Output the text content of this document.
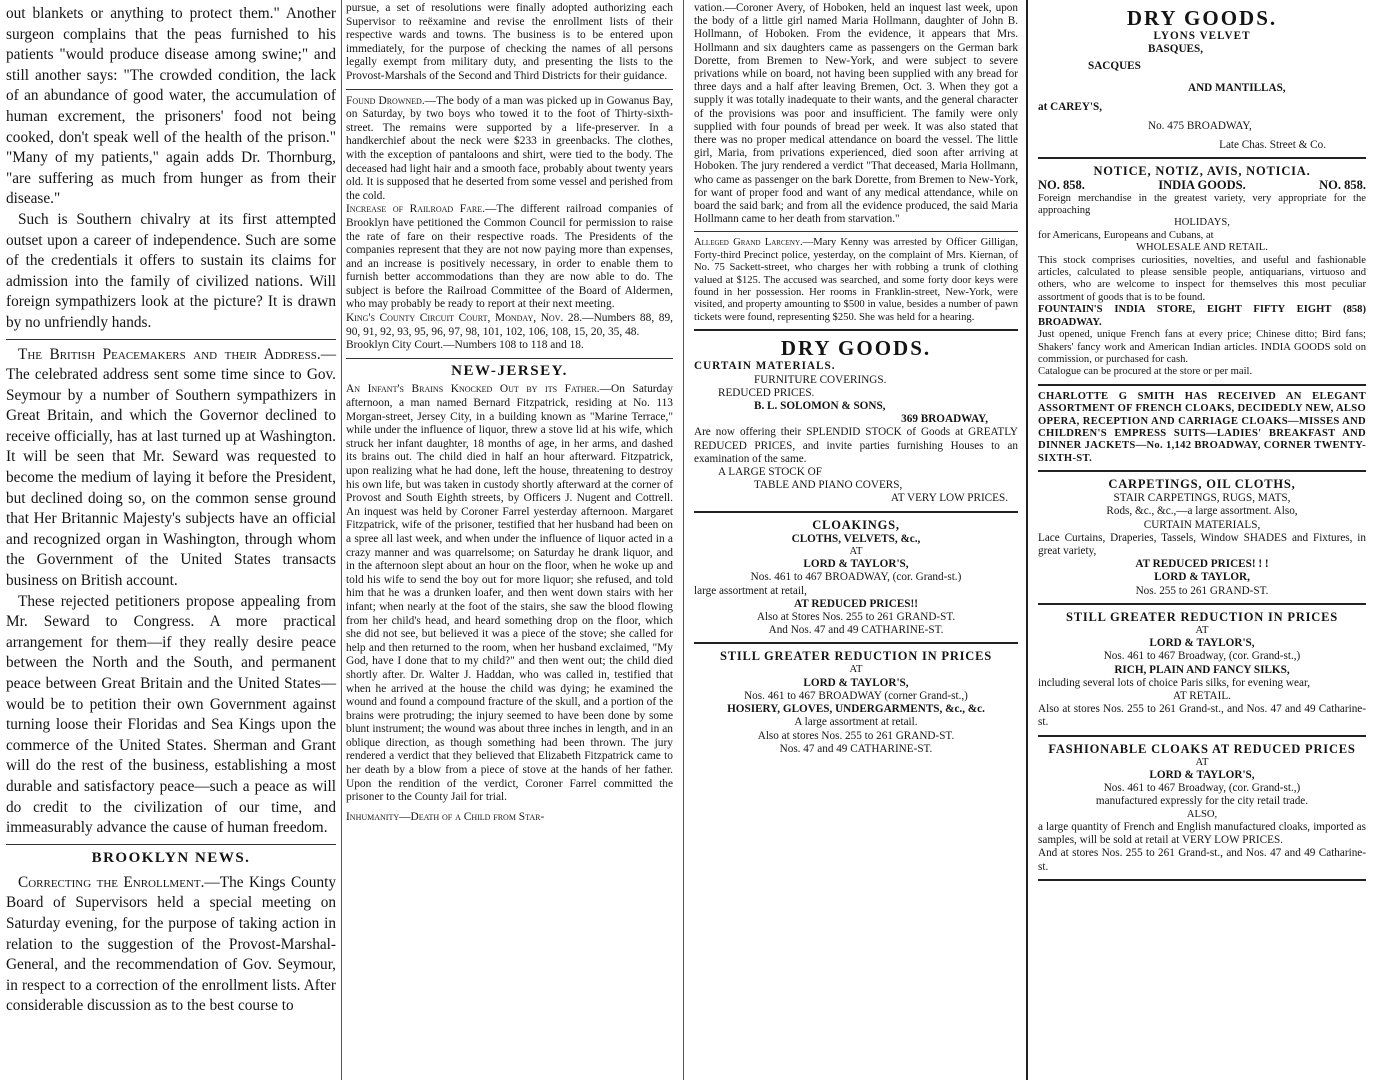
out blankets or anything to protect them." Another surgeon complains that the peas furnished to his patients "would produce disease among swine;" and still another says: "The crowded condition, the lack of an abundance of good water, the accumulation of human excrement, the prisoners' food not being cooked, don't speak well of the health of the prison." "Many of my patients," again adds Dr. Thornburg, "are suffering as much from hunger as from their disease."

Such is Southern chivalry at its first attempted outset upon a career of independence. Such are some of the credentials it offers to sustain its claims for admission into the family of civilized nations. Will foreign sympathizers look at the picture? It is drawn by no unfriendly hands.

The British Peacemakers and their Address.—The celebrated address sent some time since to Gov. Seymour by a number of Southern sympathizers in Great Britain, and which the Governor declined to receive officially, has at last turned up at Washington. It will be seen that Mr. Seward was requested to become the medium of laying it before the President, but declined doing so, on the common sense ground that Her Britannic Majesty's subjects have an official and recognized organ in Washington, through whom the Government of the United States transacts business on British account.

These rejected petitioners propose appealing from Mr. Seward to Congress. A more practical arrangement for them—if they really desire peace between the North and the South, and permanent peace between Great Britain and the United States—would be to petition their own Government against turning loose their Floridas and Sea Kings upon the commerce of the United States. Sherman and Grant will do the rest of the business, establishing a most durable and satisfactory peace—such a peace as will do credit to the civilization of our time, and immeasurably advance the cause of human freedom.

BROOKLYN NEWS.

Correcting the Enrollment.—The Kings County Board of Supervisors held a special meeting on Saturday evening, for the purpose of taking action in relation to the suggestion of the Provost-Marshal-General, and the recommendation of Gov. Seymour, in respect to a correction of the enrollment lists. After considerable discussion as to the best course to

pursue, a set of resolutions were finally adopted authorizing each Supervisor to reëxamine and revise the enrollment lists of their respective wards and towns. The business is to be entered upon immediately, for the purpose of checking the names of all persons legally exempt from military duty, and presenting the lists to the Provost-Marshals of the Second and Third Districts for their guidance.

Found Drowned.—The body of a man was picked up in Gowanus Bay, on Saturday, by two boys who towed it to the foot of Thirty-sixth-street. The remains were supported by a life-preserver. In a handkerchief about the neck were $233 in greenbacks. The clothes, with the exception of pantaloons and shirt, were tied to the body. The deceased had light hair and a smooth face, probably about twenty years old. It is supposed that he deserted from some vessel and perished from the cold.

Increase of Railroad Fare.—The different railroad companies of Brooklyn have petitioned the Common Council for permission to raise the rate of fare on their respective roads. The Presidents of the companies represent that they are not now paying more than expenses, and an increase is positively necessary, in order to enable them to furnish better accommodations than they are now able to do. The subject is before the Railroad Committee of the Board of Aldermen, who may probably be ready to report at their next meeting.

King's County Circuit Court, Monday, Nov. 28.—Numbers 88, 89, 90, 91, 92, 93, 95, 96, 97, 98, 101, 102, 106, 108, 15, 20, 35, 48.

Brooklyn City Court.—Numbers 108 to 118 and 18.

NEW-JERSEY.

An Infant's Brains Knocked Out by its Father.—On Saturday afternoon, a man named Bernard Fitzpatrick, residing at No. 113 Morgan-street, Jersey City, in a building known as "Marine Terrace," while under the influence of liquor, threw a stove lid at his wife, which struck her infant daughter, 18 months of age, in her arms, and dashed its brains out. The child died in half an hour afterward. Fitzpatrick, upon realizing what he had done, left the house, threatening to destroy his own life, but was taken in custody shortly afterward at the corner of Provost and South Eighth streets, by Officers J. Nugent and Cottrell. An inquest was held by Coroner Farrel yesterday afternoon. Margaret Fitzpatrick, wife of the prisoner, testified that her husband had been on a spree all last week, and when under the influence of liquor acted in a crazy manner and was quarrelsome; on Saturday he drank liquor, and in the afternoon slept about an hour on the floor, when he woke up and told his wife to send the boy out for more liquor; she refused, and told him that he was a drunken loafer, and then went down stairs with her infant; when nearly at the foot of the stairs, she saw the blood flowing from her child's head, and heard something drop on the floor, which she did not see, but believed it was a piece of the stove; she called for help and then returned to the room, when her husband exclaimed, "My God, have I done that to my child?" and then went out; the child died shortly after. Dr. Walter J. Haddan, who was called in, testified that when he arrived at the house the child was dying; he examined the wound and found a compound fracture of the skull, and a portion of the brains were protruding; the injury seemed to have been done by some blunt instrument; the wound was about three inches in length, and in an oblique direction, as though something had been thrown. The jury rendered a verdict that they believed that Elizabeth Fitzpatrick came to her death by a blow from a piece of stove at the hands of her father. Upon the rendition of the verdict, Coroner Farrel committed the prisoner to the County Jail for trial.

Inhumanity—Death of a Child from Star-

vation.—Coroner Avery, of Hoboken, held an inquest last week, upon the body of a little girl named Maria Hollmann, daughter of John B. Hollmann, of Hoboken. From the evidence, it appears that Mrs. Hollmann and six daughters came as passengers on the German bark Dorette, from Bremen to New-York, and were subject to severe privations while on board, not having been supplied with any bread for three days and a half after leaving Bremen, Oct. 3. When they got a supply it was totally inadequate to their wants, and the general character of the provisions was poor and insufficient. The family were only supplied with four pounds of bread per week. It was also stated that there was no proper medical attendance on board the vessel. The little girl, Maria, from privations experienced, died soon after arriving at Hoboken. The jury rendered a verdict "That deceased, Maria Hollmann, who came as passenger on the bark Dorette, from Bremen to New-York, for want of proper food and want of any medical attendance, while on board the said bark; and from all the evidence produced, the said Maria Hollmann came to her death from starvation."

Alleged Grand Larceny.—Mary Kenny was arrested by Officer Gilligan, Forty-third Precinct police, yesterday, on the complaint of Mrs. Kiernan, of No. 75 Sackett-street, who charges her with robbing a trunk of clothing valued at $125. The accused was searched, and some forty door keys were found in her possession. Her rooms in Franklin-street, New-York, were visited, and property amounting to $500 in value, besides a number of pawn tickets were found, representing $250. She was held for a hearing.

DRY GOODS.
CURTAIN MATERIALS.
FURNITURE COVERINGS.
REDUCED PRICES.
B. L. SOLOMON & SONS,
369 BROADWAY,

Are now offering their SPLENDID STOCK of Goods at GREATLY REDUCED PRICES, and invite parties furnishing Houses to an examination of the same.

A LARGE STOCK OF
TABLE AND PIANO COVERS,
AT VERY LOW PRICES.
CLOAKINGS,
CLOTHS, VELVETS, &c.,
AT
LORD & TAYLOR'S,
Nos. 461 to 467 BROADWAY, (cor. Grand-st.)
large assortment at retail,
AT REDUCED PRICES!!
Also at Stores Nos. 255 to 261 GRAND-ST.
And Nos. 47 and 49 CATHARINE-ST.
STILL GREATER REDUCTION IN PRICES
AT
LORD & TAYLOR'S,
Nos. 461 to 467 BROADWAY (corner Grand-st.,)
HOSIERY, GLOVES, UNDERGARMENTS, &c., &c.
A large assortment at retail.
Also at stores Nos. 255 to 261 GRAND-ST.
Nos. 47 and 49 CATHARINE-ST.
DRY GOODS.
LYONS VELVET
BASQUES,
SACQUES
AND MANTILLAS,
at CAREY'S,
No. 475 BROADWAY,
Late Chas. Street & Co.
NOTICE, NOTIZ, AVIS, NOTICIA.
NO. 858.	INDIA GOODS.	NO. 858.

Foreign merchandise in the greatest variety, very appropriate for the approaching

HOLIDAYS,
for Americans, Europeans and Cubans, at
WHOLESALE AND RETAIL.

This stock comprises curiosities, novelties, and useful and fashionable articles, calculated to please sensible people, antiquarians, virtuoso and others, who are welcome to inspect for themselves this most peculiar assortment of goods that is to be found.

FOUNTAIN'S INDIA STORE, EIGHT FIFTY EIGHT (858) BROADWAY.

Just opened, unique French fans at every price; Chinese ditto; Bird fans; Shakers' fancy work and American Indian articles. INDIA GOODS sold on commission, or purchased for cash.

Catalogue can be procured at the store or per mail.

CHARLOTTE G SMITH HAS RECEIVED AN ELEGANT ASSORTMENT OF FRENCH CLOAKS, DECIDEDLY NEW, ALSO OPERA, RECEPTION AND CARRIAGE CLOAKS—MISSES AND CHILDREN'S EMPRESS SUITS—LADIES' BREAKFAST AND DINNER JACKETS—No. 1,142 BROADWAY, CORNER TWENTY-SIXTH-ST.

CARPETINGS, OIL CLOTHS,
STAIR CARPETINGS, RUGS, MATS,
Rods, &c., &c.,—a large assortment. Also,
CURTAIN MATERIALS,

Lace Curtains, Draperies, Tassels, Window SHADES and Fixtures, in great variety,

AT REDUCED PRICES! ! !
LORD & TAYLOR,
Nos. 255 to 261 GRAND-ST.
STILL GREATER REDUCTION IN PRICES
AT
LORD & TAYLOR'S,
Nos. 461 to 467 Broadway, (cor. Grand-st.,)
RICH, PLAIN AND FANCY SILKS,

including several lots of choice Paris silks, for evening wear,

AT RETAIL.

Also at stores Nos. 255 to 261 Grand-st., and Nos. 47 and 49 Catharine-st.

FASHIONABLE CLOAKS AT REDUCED PRICES
AT
LORD & TAYLOR'S,
Nos. 461 to 467 Broadway, (cor. Grand-st.,)
manufactured expressly for the city retail trade.
ALSO,

a large quantity of French and English manufactured cloaks, imported as samples, will be sold at retail at VERY LOW PRICES.

And at stores Nos. 255 to 261 Grand-st., and Nos. 47 and 49 Catharine-st.
